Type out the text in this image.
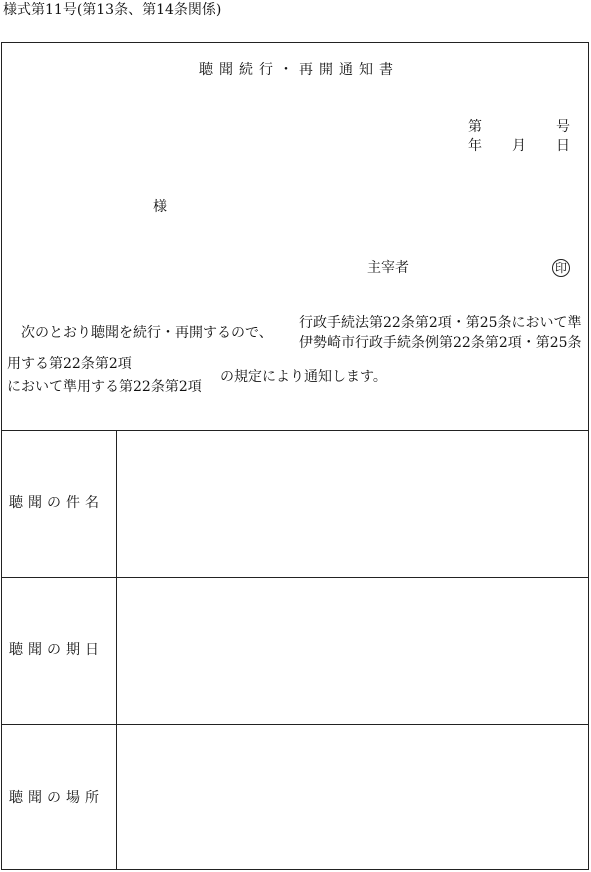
様式第11号(第13条、第14条関係)
聴聞続行・再開通知書
第	号
年 月 日
様
主宰者	印
行政手続法第22条第2項・第25条において準
次のとおり聴聞を続行・再開するので、
伊勢崎市行政手続条例第22条第2項・第25条
用する第22条第2項
の規定により通知します。
において準用する第22条第2項
聴聞の件名
聴聞の期日
聴聞の場所
